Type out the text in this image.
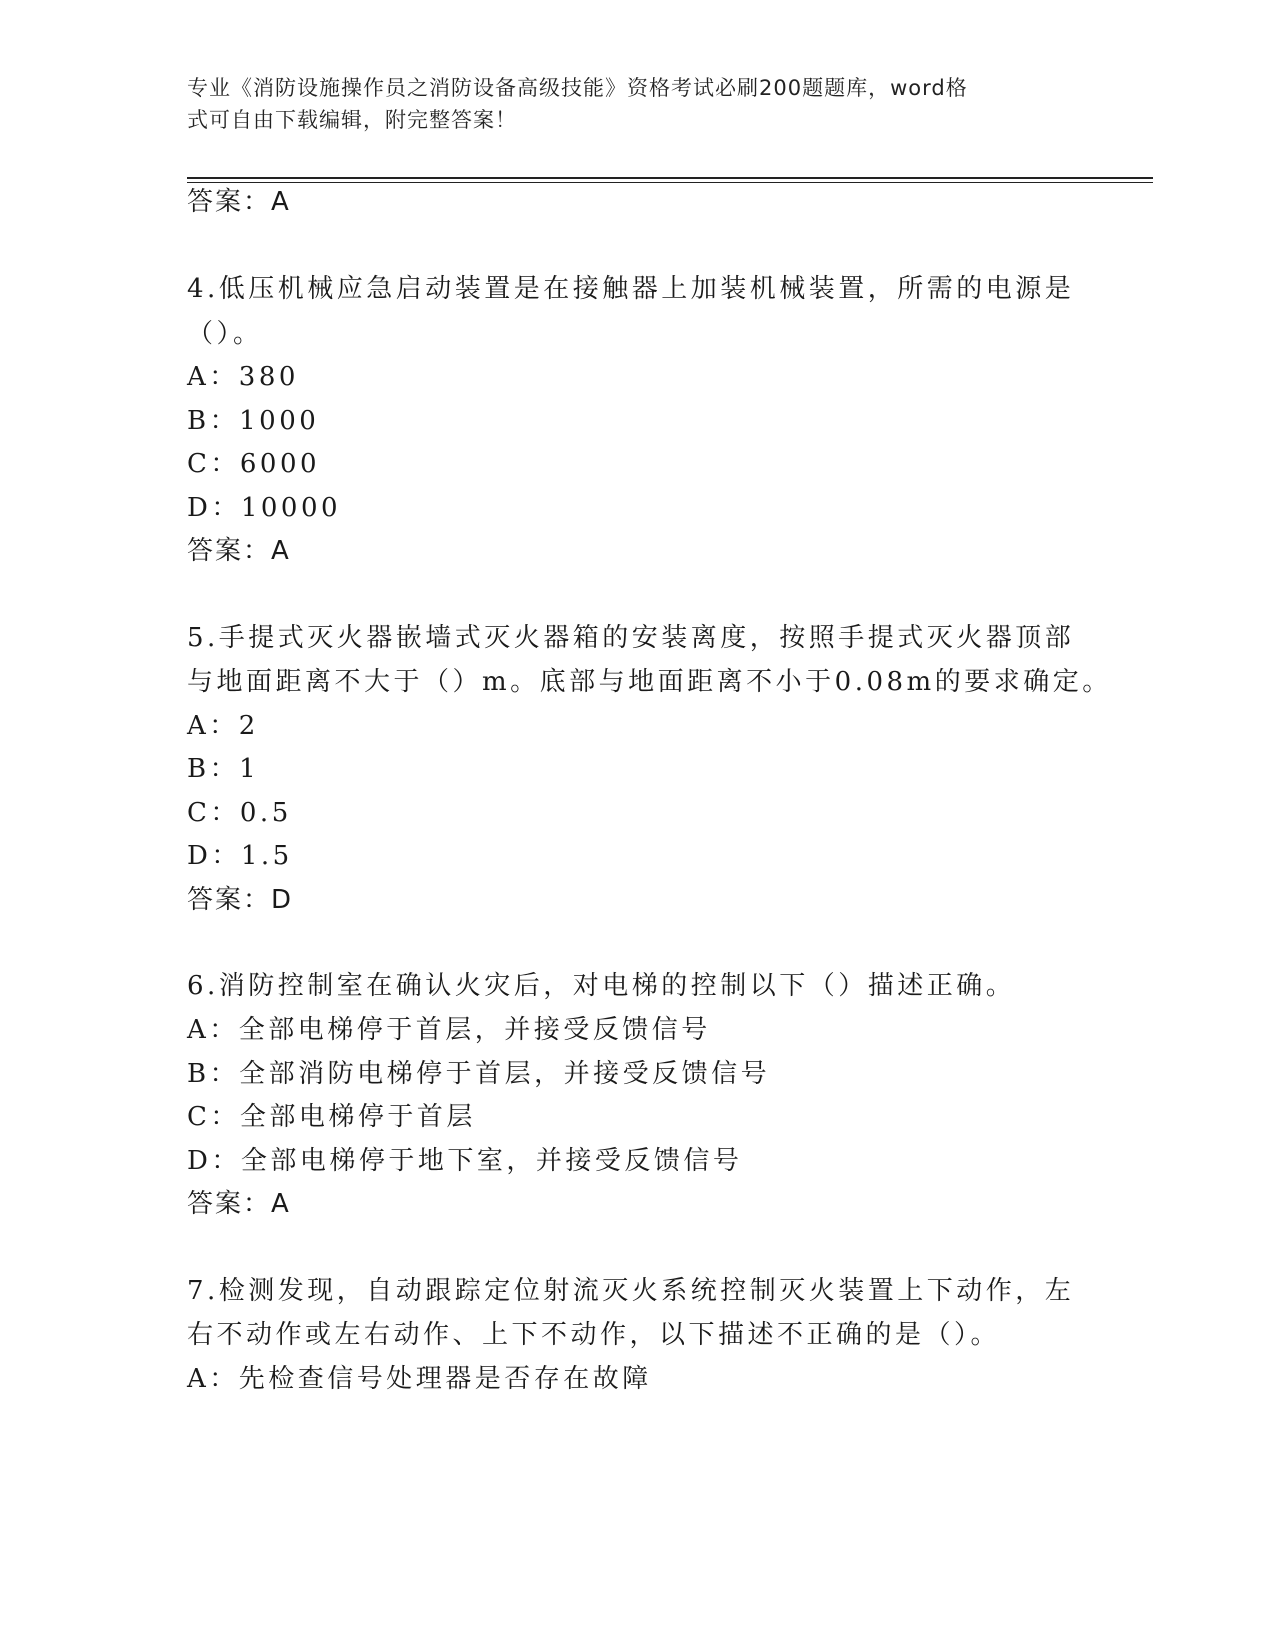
专业《消防设施操作员之消防设备高级技能》资格考试必刷200题题库，word格
式可自由下载编辑，附完整答案！
答案：A
4.低压机械应急启动装置是在接触器上加装机械装置，所需的电源是
（）。
A：380
B：1000
C：6000
D：10000
答案：A
5.手提式灭火器嵌墙式灭火器箱的安装离度，按照手提式灭火器顶部
与地面距离不大于（）m。底部与地面距离不小于0.08m的要求确定。
A：2
B：1
C：0.5
D：1.5
答案：D
6.消防控制室在确认火灾后，对电梯的控制以下（）描述正确。
A：全部电梯停于首层，并接受反馈信号
B：全部消防电梯停于首层，并接受反馈信号
C：全部电梯停于首层
D：全部电梯停于地下室，并接受反馈信号
答案：A
7.检测发现，自动跟踪定位射流灭火系统控制灭火装置上下动作，左
右不动作或左右动作、上下不动作，以下描述不正确的是（）。
A：先检查信号处理器是否存在故障
